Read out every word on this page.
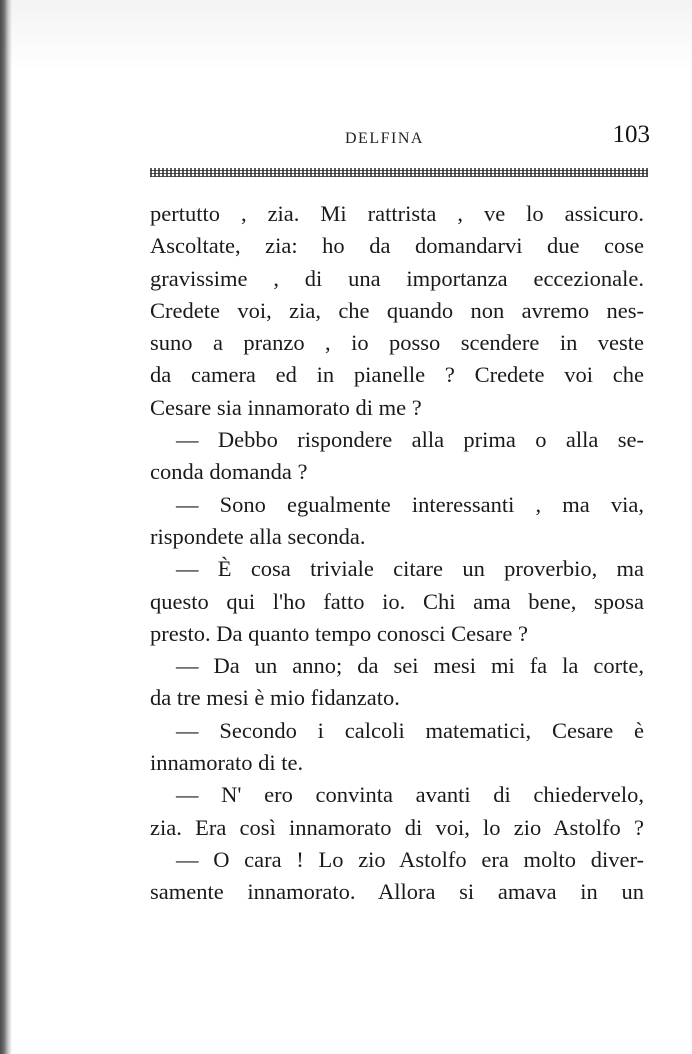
DELFINA	103
pertutto , zia. Mi rattrista , ve lo assicuro.
Ascoltate, zia: ho da domandarvi due cose
gravissime , di una importanza eccezionale.
Credete voi, zia, che quando non avremo nes-
suno a pranzo , io posso scendere in veste
da camera ed in pianelle ? Credete voi che
Cesare sia innamorato di me ?
— Debbo rispondere alla prima o alla se-
conda domanda ?
— Sono egualmente interessanti , ma via,
rispondete alla seconda.
— È cosa triviale citare un proverbio, ma
questo qui l'ho fatto io. Chi ama bene, sposa
presto. Da quanto tempo conosci Cesare ?
— Da un anno; da sei mesi mi fa la corte,
da tre mesi è mio fidanzato.
— Secondo i calcoli matematici, Cesare è
innamorato di te.
— N' ero convinta avanti di chiedervelo,
zia. Era così innamorato di voi, lo zio Astolfo ?
— O cara ! Lo zio Astolfo era molto diver-
samente innamorato. Allora si amava in un
